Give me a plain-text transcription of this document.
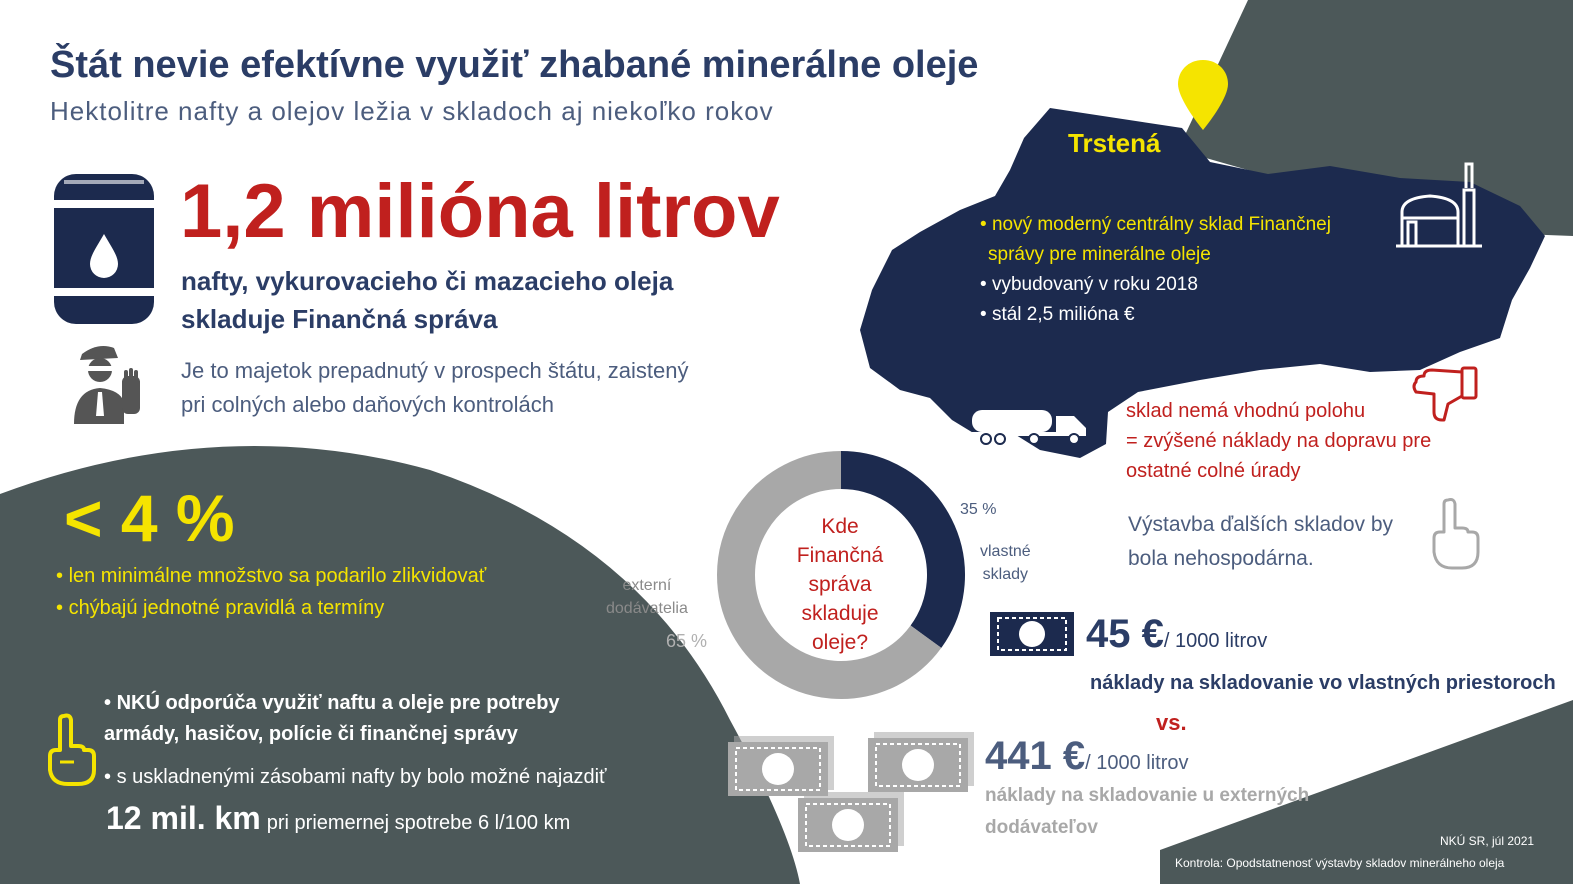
Štát nevie efektívne využiť zhabané minerálne oleje
Hektolitre nafty a olejov ležia v skladoch aj niekoľko rokov
1,2 milióna litrov
nafty, vykurovacieho či mazacieho oleja
skladuje Finančná správa
Je to majetok prepadnutý v prospech štátu, zaistený
pri colných alebo daňových kontrolách
< 4 %
• len minimálne množstvo sa podarilo zlikvidovať
• chýbajú jednotné pravidlá a termíny
• NKÚ odporúča využiť naftu a oleje pre potreby
armády, hasičov, polície či finančnej správy
• s uskladnenými zásobami nafty by bolo možné najazdiť
12 mil. km pri priemernej spotrebe 6 l/100 km
Trstená
• nový moderný centrálny sklad Finančnej
správy pre minerálne oleje
• vybudovaný v roku 2018
• stál 2,5 milióna €
sklad nemá vhodnú polohu
= zvýšené náklady na dopravu pre
ostatné colné úrady
Výstavba ďalších skladov by
bola nehospodárna.
35 %
vlastné
sklady
externí
dodávatelia
65 %
Kde
Finančná
správa
skladuje
oleje?	45 €/ 1000 litrov
náklady na skladovanie vo vlastných priestoroch
vs.
441 €/ 1000 litrov
náklady na skladovanie u externých
dodávateľov
NKÚ SR, júl 2021
Kontrola: Opodstatnenosť výstavby skladov minerálneho oleja
